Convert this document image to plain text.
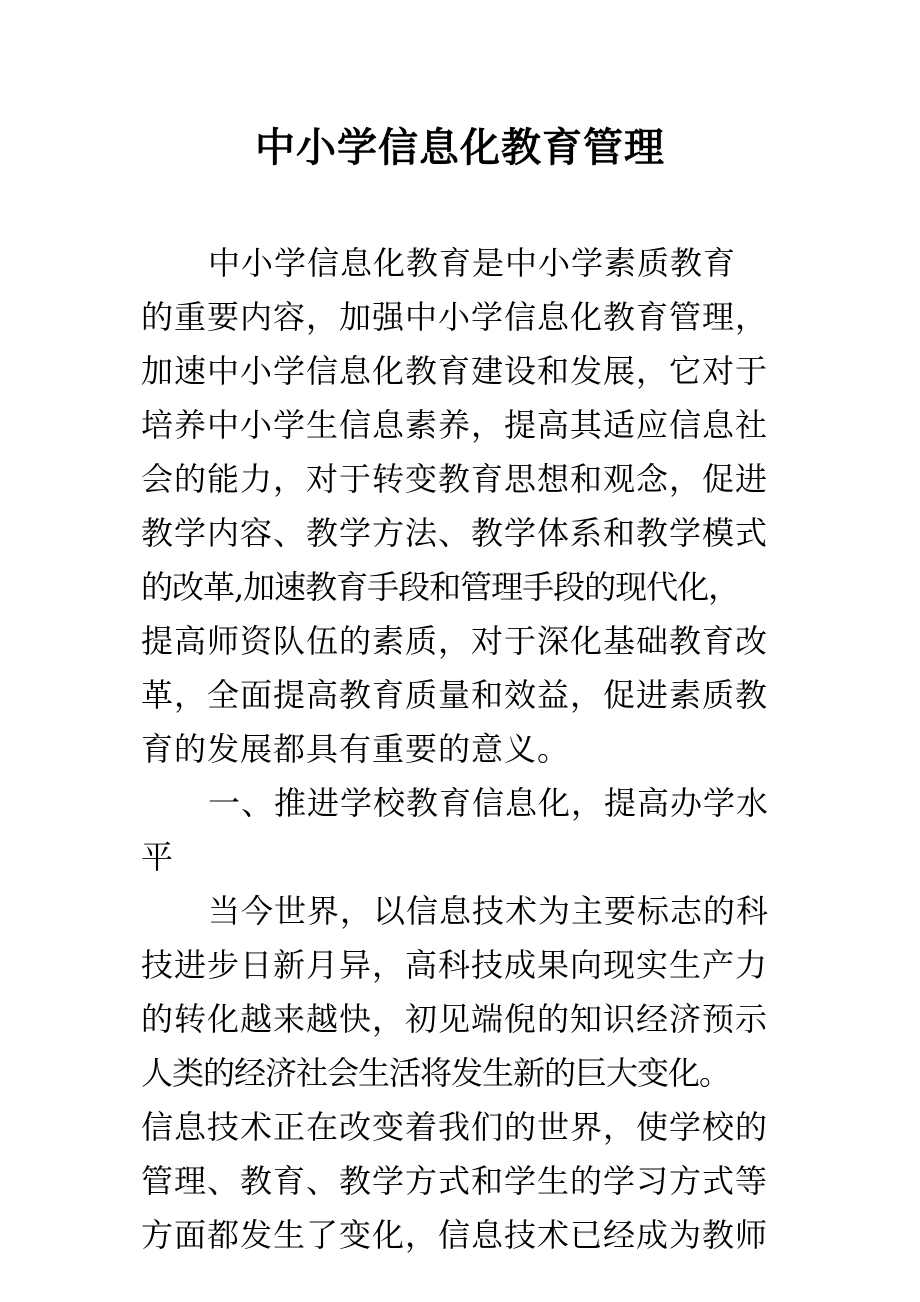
中小学信息化教育管理
中小学信息化教育是中小学素质教育
的重要内容，加强中小学信息化教育管理，
加速中小学信息化教育建设和发展，它对于
培养中小学生信息素养，提高其适应信息社
会的能力，对于转变教育思想和观念，促进
教学内容、教学方法、教学体系和教学模式
的改革,加速教育手段和管理手段的现代化，
提高师资队伍的素质，对于深化基础教育改
革，全面提高教育质量和效益，促进素质教
育的发展都具有重要的意义。
一、推进学校教育信息化，提高办学水
平
当今世界，以信息技术为主要标志的科
技进步日新月异，高科技成果向现实生产力
的转化越来越快，初见端倪的知识经济预示
人类的经济社会生活将发生新的巨大变化。
信息技术正在改变着我们的世界，使学校的
管理、教育、教学方式和学生的学习方式等
方面都发生了变化，信息技术已经成为教师
